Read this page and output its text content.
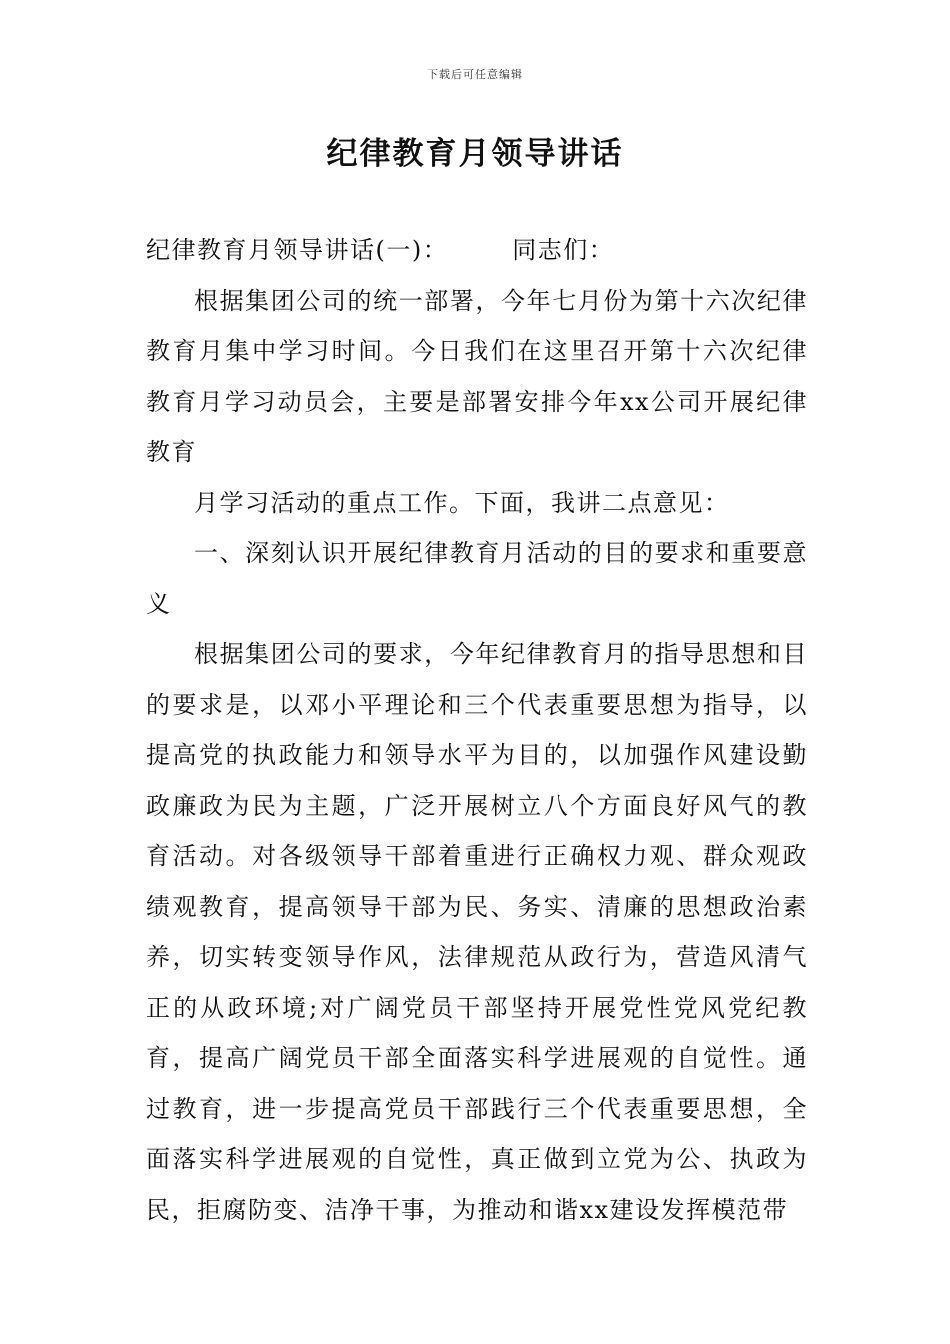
下载后可任意编辑
纪律教育月领导讲话

纪律教育月领导讲话(一)：	同志们：

根据集团公司的统一部署，今年七月份为第十六次纪律教育月集中学习时间。今日我们在这里召开第十六次纪律教育月学习动员会，主要是部署安排今年xx公司开展纪律教育

月学习活动的重点工作。下面，我讲二点意见：

一、深刻认识开展纪律教育月活动的目的要求和重要意义

根据集团公司的要求，今年纪律教育月的指导思想和目的要求是，以邓小平理论和三个代表重要思想为指导，以提高党的执政能力和领导水平为目的，以加强作风建设勤政廉政为民为主题，广泛开展树立八个方面良好风气的教育活动。对各级领导干部着重进行正确权力观、群众观政绩观教育，提高领导干部为民、务实、清廉的思想政治素养，切实转变领导作风，法律规范从政行为，营造风清气正的从政环境;对广阔党员干部坚持开展党性党风党纪教育，提高广阔党员干部全面落实科学进展观的自觉性。通过教育，进一步提高党员干部践行三个代表重要思想，全面落实科学进展观的自觉性，真正做到立党为公、执政为民，拒腐防变、洁净干事，为推动和谐xx建设发挥模范带
